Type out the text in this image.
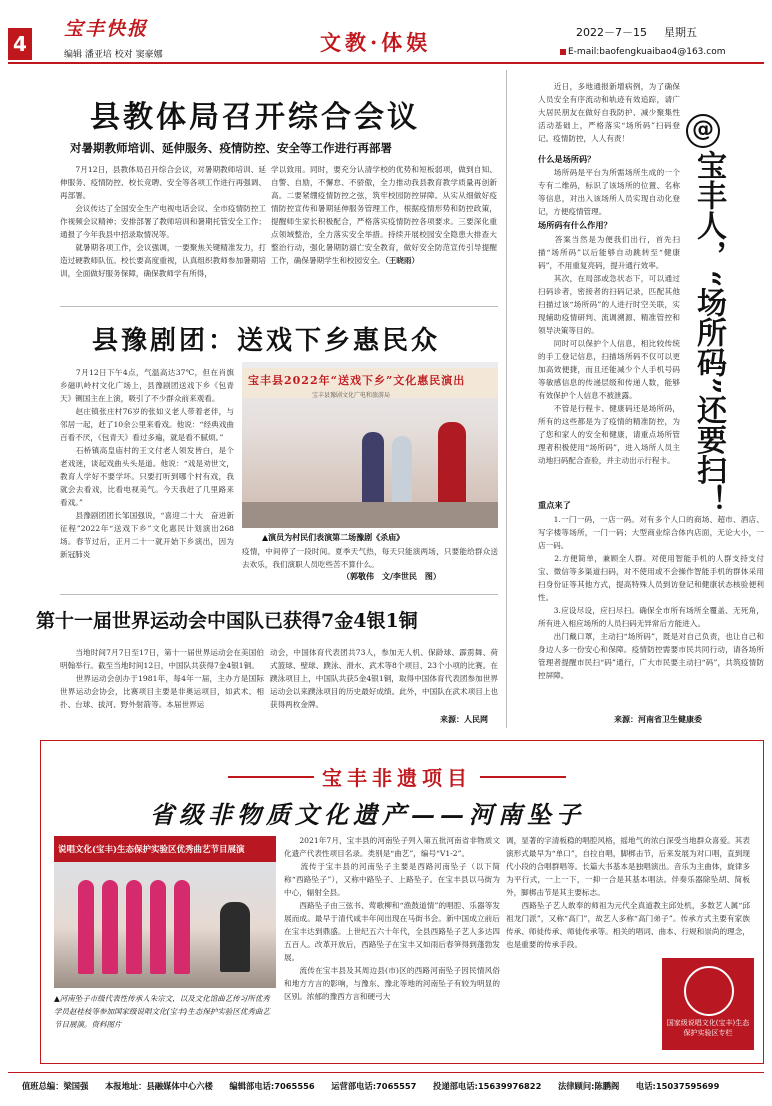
4
宝丰快报
编辑 潘亚培 校对 窦豪娜	文教·体娱	2022－7－15 星期五
E-mail:baofengkuaibao4@163.com
县教体局召开综合会议
对暑期教师培训、延伸服务、疫情防控、安全等工作进行再部署
　　7月12日，县教体局召开综合会议，对暑期教师培训、延伸服务、疫情防控、校长竞聘、安全等各项工作进行再强调、再部署。
　　会议传达了全国安全生产电视电话会议、全市疫情防控工作视频会议精神；安排部署了教师培训和暑期托管安全工作；通报了今年我县中招录取情况等。
　　就暑期各项工作，会议强调，一要聚焦关键精准发力，打造过硬教师队伍。校长要高度重视，认真组织教师参加暑期培训，全面做好服务保障，确保教师学有所得，
学以致用。同时，要充分认清学校的优势和短板弱项，做到自知、自警、自励，不懈怠、不骄傲，全力推动我县教育教学质量再创新高。二要紧绷疫情防控之弦，筑牢校园防控屏障。从实从细做好疫情防控宣传和暑期延伸服务管理工作，根据疫情形势和防控政策，提醒师生家长积极配合，严格落实疫情防控各项要求。三要深化重点领域整治，全力落实安全举措。持续开展校园安全隐患大排查大整治行动，强化暑期防溺亡安全教育，做好安全防范宣传引导提醒工作，确保暑期学生和校园安全。（王晓雨）
县豫剧团：送戏下乡惠民众
　　7月12日下午4点，气温高达37℃，但在肖旗乡磁叭岭村文化广场上，县豫剧团送戏下乡《包青天》铡国主在上演，吸引了不少群众前来观看。
　　赵庄镇张庄村76岁的张如义老人带着老伴，与邻居一起，赶了10余公里来看戏。他说：“经典戏曲百看不厌，《包青天》看过多遍，就是看不腻烦。”
　　石桥镇高皇庙村的王文付老人领发皆白，是个老戏迷，谈起戏曲头头是道。他说：“戏是劝世文，教育人学好不要学坏。只要打听到哪个村有戏，我就会去看戏，比看电视美气。今天我赶了几里路来看戏。”
　　县豫剧团团长邹国强说，“喜迎二十大　奋进新征程”2022年“送戏下乡”文化惠民计划演出268场。春节过后，正月二十一就开始下乡演出，因为新冠肺炎
宝丰县2022年“送戏下乡”文化惠民演出
宝丰县豫剧文化广电和旅游局
▲演员为村民们表演第二场豫剧《杀庙》
疫情，中间停了一段时间。夏季天气热，每天只能演两场，只要能给群众送去欢乐，我们演职人员吃些苦不算什么。
（郭敬伟　文/李世民　图）
第十一届世界运动会中国队已获得7金4银1铜
　　当地时间7月7日至17日，第十一届世界运动会在美国伯明翰举行。截至当地时间12日，中国队共获得7金4银1铜。
　　世界运动会创办于1981年，每4年一届，主办方是国际世界运动会协会，比赛项目主要是非奥运项目，如武术、相扑、台球、拔河、野外射箭等。本届世界运
动会，中国体育代表团共73人，参加无人机、保龄球、霹雳舞、荷式篮球、壁球、蹼泳、滑水、武术等8个项目、23个小项的比赛。在蹼泳项目上，中国队共获5金4银1铜，取得中国体育代表团参加世界运动会以来蹼泳项目的历史最好成绩。此外，中国队在武术项目上也获得两枚金牌。
来源：人民网
　　近日，多地通报新增病例，为了确保人员安全有序流动和轨迹有效追踪，请广大居民朋友在做好自我防护、减少聚集性活动基础上，严格落实“场所码”扫码登记。疫情防控，人人有责！
什么是场所码？
　　场所码是平台为所需场所生成的一个专有二维码，标识了该场所的位置、名称等信息，对出入该场所人员实现自动化登记，方便疫情管理。
场所码有什么作用？
　　答案当然是为便我们出行，首先扫描“场所码”以后能够自动跳转至“健康码”，不用重复亮码，提升通行效率。
　　其次，在局部或急状态下，可以通过扫码诊者，密接者的扫码记录，匹配其他扫描过该“场所码”的人进行时空关联，实现辅助疫情研判、流调溯源、精准管控和领导决策等目的。
　　同时可以保护个人信息，相比较传统的手工登记信息，扫描场所码不仅可以更加高效便捷，而且还能减少个人手机号码等敏感信息的传递层级和传递人数，能够有效保护个人信息不被泄露。
　　不管是行程卡、健康码还是场所码，所有的这些都是为了疫情的精准防控，为了您和家人的安全和健康，请重点场所管理者积极使用“场所码”，进入场所人员主动地扫码配合查验，并主动出示行程卡。
重点来了
　　1.一门一码，一店一码。对有多个人口的商场、超市、酒店、写字楼等场所，一门一码；大型商业综合体内店面，无论大小，一店一码。
　　2.方便简单，兼顾全人群。对使用智能手机的人群支持支付宝、微信等多渠道扫码，对不使用或不会操作智能手机的群体采用扫身份证等其他方式，提高特殊人员到访登记和健康状态核验便利性。
　　3.应设尽设，应扫尽扫。确保全市所有场所全覆盖、无死角，所有进入相应场所的人员扫码无异常后方能进入。
　　出门戴口罩，主动扫“场所码”，既是对自己负责，也让自己和身边人多一份安心和保障。疫情防控需要市民共同行动，请各场所管理者提醒市民扫“码”通行，广大市民要主动扫“码”，共筑疫情防控屏障。
来源：河南省卫生健康委
@
宝丰人，“场所码”还要扫！
宝丰非遗项目
省级非物质文化遗产——河南坠子
说唱文化(宝丰)生态保护实验区优秀曲艺节目展演
▲河南坠子市级代表性传承人朱宗文，以及文化馆曲艺传习所优秀学员赵桂枝等参加国家级说唱文化(宝丰)生态保护实验区优秀曲艺节目展演。资料图片
　　2021年7月，宝丰县的河南坠子列入第五批河南省非物质文化遗产代表性项目名录。类别是“曲艺”，编号“Ⅴ1-2”。
　　流传于宝丰县的河南坠子主要是西路河南坠子（以下简称“西路坠子”），又称中路坠子、上路坠子。在宝丰县以马街为中心，辐射全县。
　　西路坠子由三弦书、莺歌柳和“渔鼓道情”的唱腔、乐器等发展而成。最早于清代咸丰年间出现在马街书会。新中国成立前后在宝丰达到鼎盛。上世纪五六十年代，全县西路坠子艺人多达四五百人。改革开放后，西路坠子在宝丰又如雨后春笋得到蓬勃发展。
　　流传在宝丰县及其周边县(市)区的西路河南坠子因民情风俗和地方方言的影响，与豫东、豫北等地的河南坠子有较为明显的区别。浓郁的豫西方言和硬弓大
调，显著的字清板稳的唱腔风格，摇地气的浓白深受当地群众喜爱。其表演形式最早为“单口”，自拉自唱，脚梆击节，后来发展为对口唱，直到现代小段的合唱群唱等。长篇大书基本是独唱演出。音乐为主曲体，旋律多为平行式，一上一下，一抑一合是其基本唱法。伴奏乐器除坠胡、简板外，脚梆击节是其主要标志。
　　西路坠子艺人敢奉的师祖为元代全真道教主邱处机，多数艺人属“邱祖龙门派”，又称“高门”，故艺人多称“高门弟子”。传承方式主要有家族传承、师徒传承、师徒传承等。相关的唱词、曲本、行规和崇尚的理念，也是重要的传承手段。
国家级说唱文化(宝丰)生态保护实验区专栏
值班总编：梁国强　　本报地址：县融媒体中心六楼　　编辑部电话:7065556　　运营部电话:7065557　　投递部电话:15639976822　　法律顾问:陈鹏阁　　电话:15037595699
